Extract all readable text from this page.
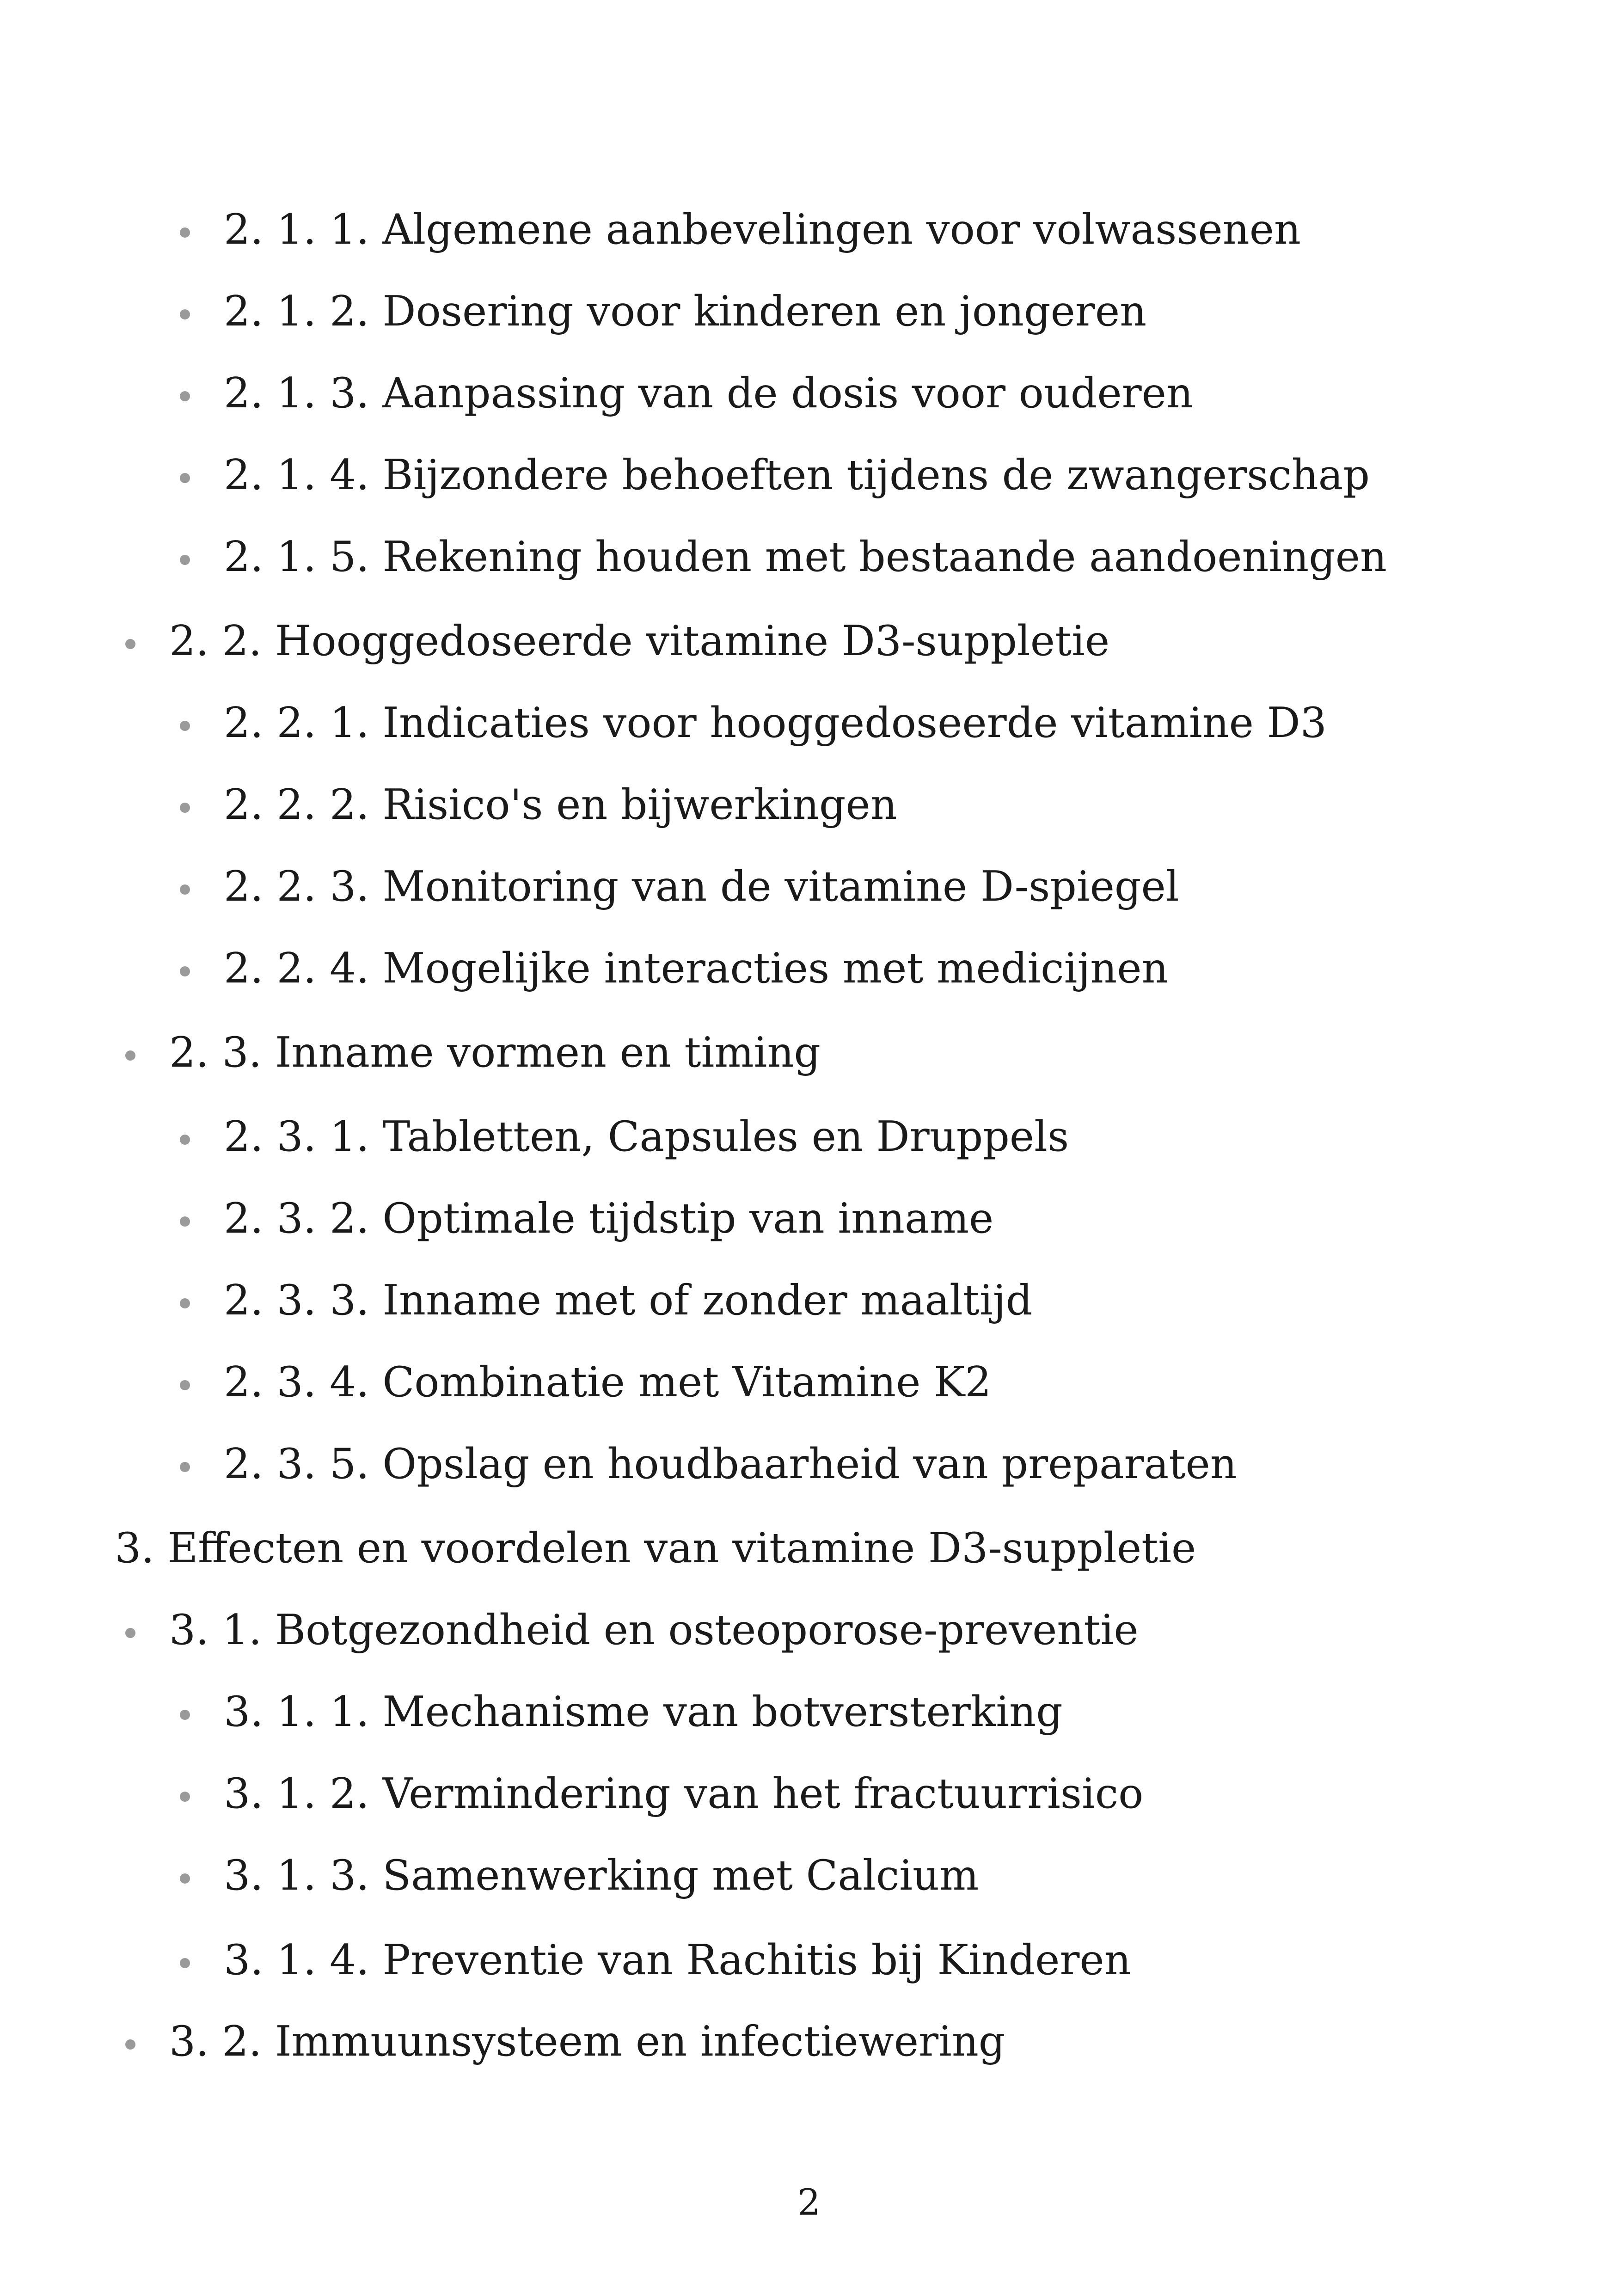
2. 1. 1. Algemene aanbevelingen voor volwassenen
2. 1. 2. Dosering voor kinderen en jongeren
2. 1. 3. Aanpassing van de dosis voor ouderen
2. 1. 4. Bijzondere behoeften tijdens de zwangerschap
2. 1. 5. Rekening houden met bestaande aandoeningen
2. 2. Hooggedoseerde vitamine D3-suppletie
2. 2. 1. Indicaties voor hooggedoseerde vitamine D3
2. 2. 2. Risico's en bijwerkingen
2. 2. 3. Monitoring van de vitamine D-spiegel
2. 2. 4. Mogelijke interacties met medicijnen
2. 3. Inname vormen en timing
2. 3. 1. Tabletten, Capsules en Druppels
2. 3. 2. Optimale tijdstip van inname
2. 3. 3. Inname met of zonder maaltijd
2. 3. 4. Combinatie met Vitamine K2
2. 3. 5. Opslag en houdbaarheid van preparaten
3. Effecten en voordelen van vitamine D3-suppletie
3. 1. Botgezondheid en osteoporose-preventie
3. 1. 1. Mechanisme van botversterking
3. 1. 2. Vermindering van het fractuurrisico
3. 1. 3. Samenwerking met Calcium
3. 1. 4. Preventie van Rachitis bij Kinderen
3. 2. Immuunsysteem en infectiewering
2
